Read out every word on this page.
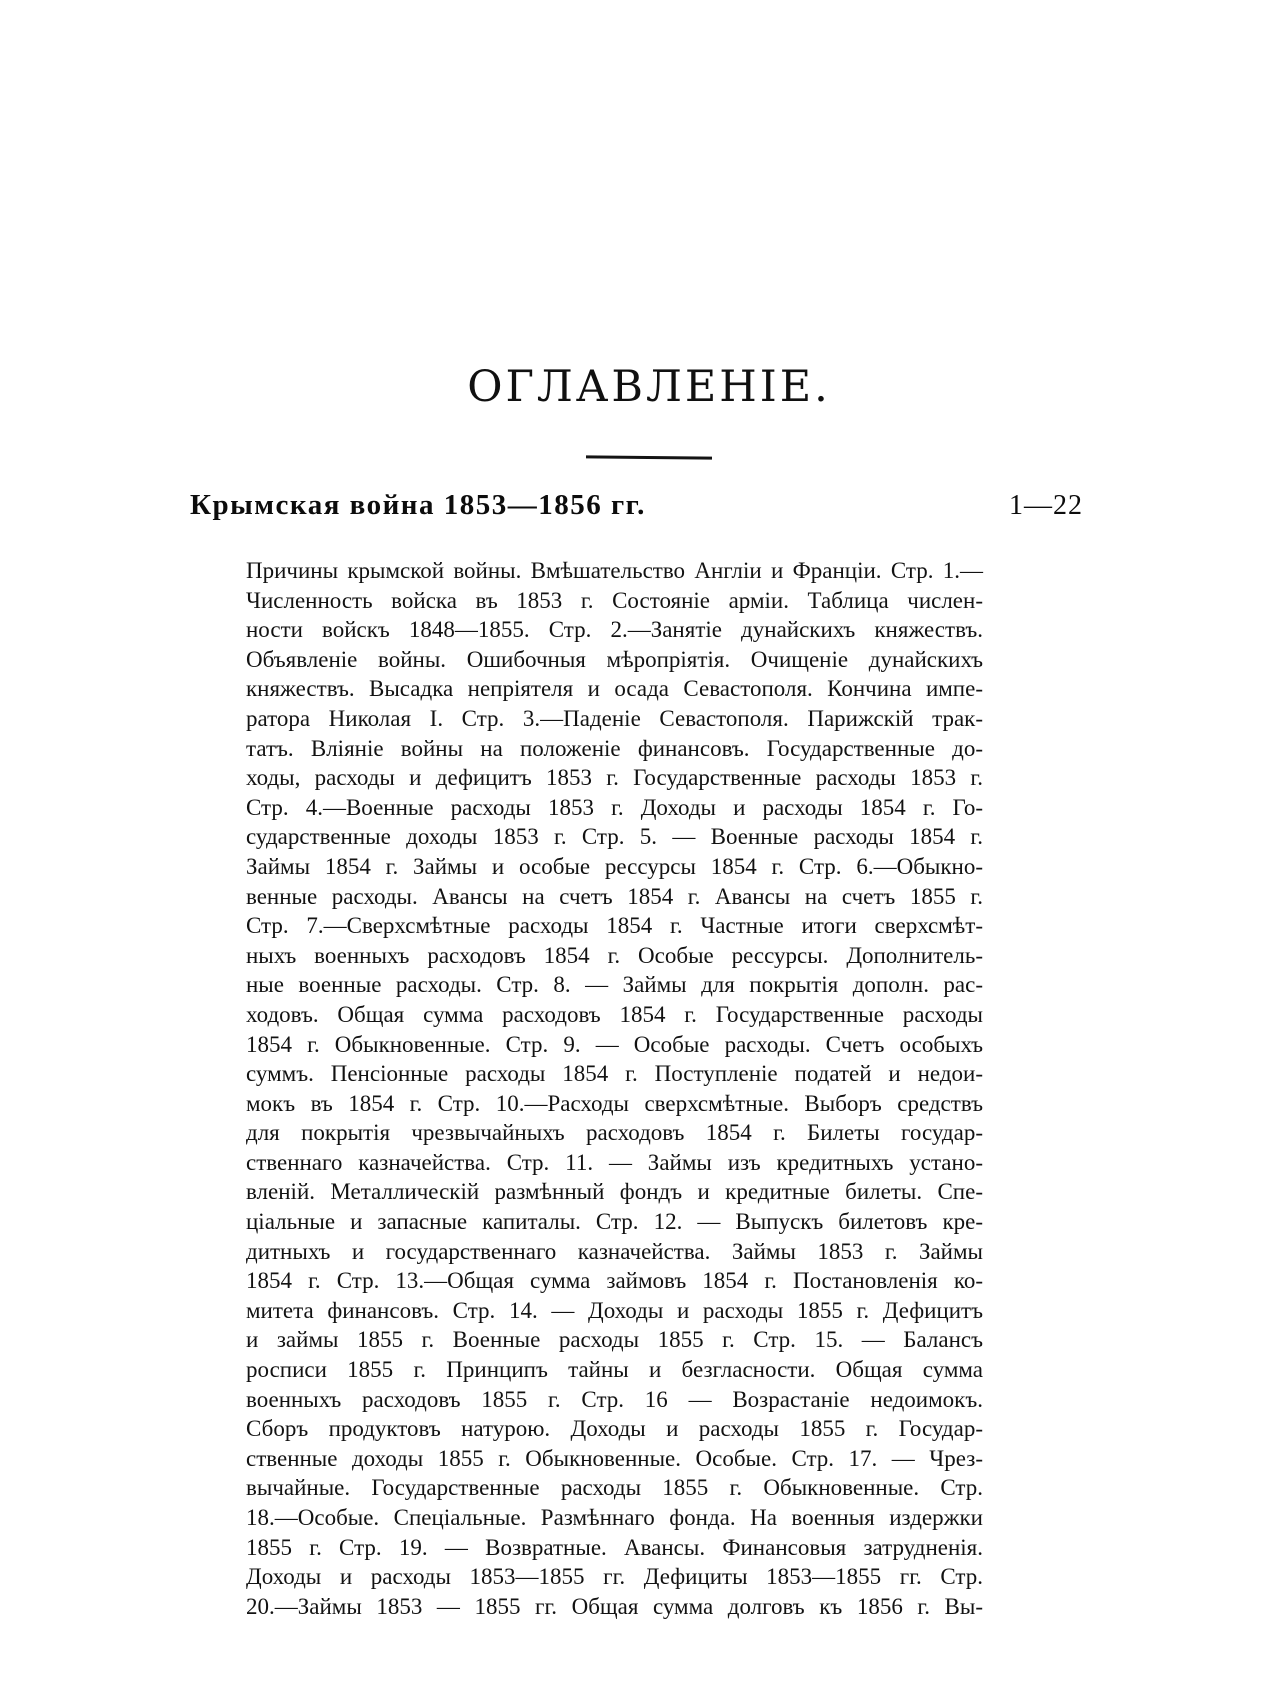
ОГЛАВЛЕНІЕ.
Крымская война 1853—1856 гг.	1—22
Причины крымской войны. Вмѣшательство Англіи и Франціи. Стр. 1.—
Численность войска въ 1853 г. Состояніе арміи. Таблица числен-
ности войскъ 1848—1855. Стр. 2.—Занятіе дунайскихъ княжествъ.
Объявленіе войны. Ошибочныя мѣропріятія. Очищеніе дунайскихъ
княжествъ. Высадка непріятеля и осада Севастополя. Кончина импе-
ратора Николая I. Стр. 3.—Паденіе Севастополя. Парижскій трак-
татъ. Вліяніе войны на положеніе финансовъ. Государственные до-
ходы, расходы и дефицитъ 1853 г. Государственные расходы 1853 г.
Стр. 4.—Военные расходы 1853 г. Доходы и расходы 1854 г. Го-
сударственные доходы 1853 г. Стр. 5. — Военные расходы 1854 г.
Займы 1854 г. Займы и особые рессурсы 1854 г. Стр. 6.—Обыкно-
венные расходы. Авансы на счетъ 1854 г. Авансы на счетъ 1855 г.
Стр. 7.—Сверхсмѣтные расходы 1854 г. Частные итоги сверхсмѣт-
ныхъ военныхъ расходовъ 1854 г. Особые рессурсы. Дополнитель-
ные военные расходы. Стр. 8. — Займы для покрытія дополн. рас-
ходовъ. Общая сумма расходовъ 1854 г. Государственные расходы
1854 г. Обыкновенные. Стр. 9. — Особые расходы. Счетъ особыхъ
суммъ. Пенсіонные расходы 1854 г. Поступленіе податей и недои-
мокъ въ 1854 г. Стр. 10.—Расходы сверхсмѣтные. Выборъ средствъ
для покрытія чрезвычайныхъ расходовъ 1854 г. Билеты государ-
ственнаго казначейства. Стр. 11. — Займы изъ кредитныхъ устано-
вленій. Металлическій размѣнный фондъ и кредитные билеты. Спе-
ціальные и запасные капиталы. Стр. 12. — Выпускъ билетовъ кре-
дитныхъ и государственнаго казначейства. Займы 1853 г. Займы
1854 г. Стр. 13.—Общая сумма займовъ 1854 г. Постановленія ко-
митета финансовъ. Стр. 14. — Доходы и расходы 1855 г. Дефицитъ
и займы 1855 г. Военные расходы 1855 г. Стр. 15. — Балансъ
росписи 1855 г. Принципъ тайны и безгласности. Общая сумма
военныхъ расходовъ 1855 г. Стр. 16 — Возрастаніе недоимокъ.
Сборъ продуктовъ натурою. Доходы и расходы 1855 г. Государ-
ственные доходы 1855 г. Обыкновенные. Особые. Стр. 17. — Чрез-
вычайные. Государственные расходы 1855 г. Обыкновенные. Стр.
18.—Особые. Спеціальные. Размѣннаго фонда. На военныя издержки
1855 г. Стр. 19. — Возвратные. Авансы. Финансовыя затрудненія.
Доходы и расходы 1853—1855 гг. Дефициты 1853—1855 гг. Стр.
20.—Займы 1853 — 1855 гг. Общая сумма долговъ къ 1856 г. Вы-
